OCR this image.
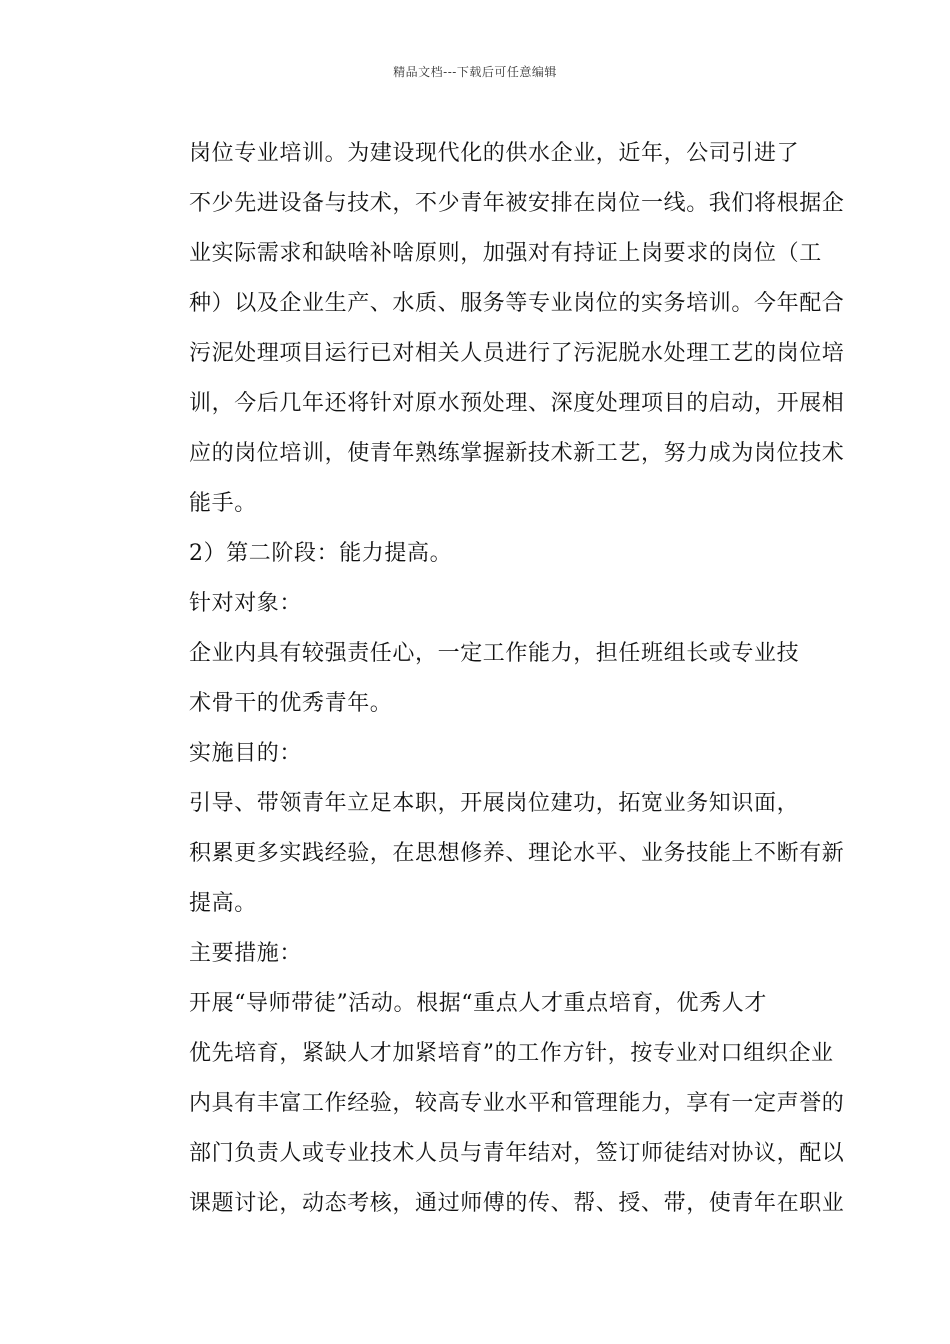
精品文档---下载后可任意编辑

岗位专业培训。为建设现代化的供水企业，近年，公司引进了
不少先进设备与技术，不少青年被安排在岗位一线。我们将根据企
业实际需求和缺啥补啥原则，加强对有持证上岗要求的岗位（工
种）以及企业生产、水质、服务等专业岗位的实务培训。今年配合
污泥处理项目运行已对相关人员进行了污泥脱水处理工艺的岗位培
训，今后几年还将针对原水预处理、深度处理项目的启动，开展相
应的岗位培训，使青年熟练掌握新技术新工艺，努力成为岗位技术
能手。

2）第二阶段：能力提高。

针对对象：

企业内具有较强责任心，一定工作能力，担任班组长或专业技
术骨干的优秀青年。

实施目的：

引导、带领青年立足本职，开展岗位建功，拓宽业务知识面，
积累更多实践经验，在思想修养、理论水平、业务技能上不断有新
提高。

主要措施：

开展“导师带徒”活动。根据“重点人才重点培育，优秀人才
优先培育，紧缺人才加紧培育”的工作方针，按专业对口组织企业
内具有丰富工作经验，较高专业水平和管理能力，享有一定声誉的
部门负责人或专业技术人员与青年结对，签订师徒结对协议，配以
课题讨论，动态考核，通过师傅的传、帮、授、带，使青年在职业
